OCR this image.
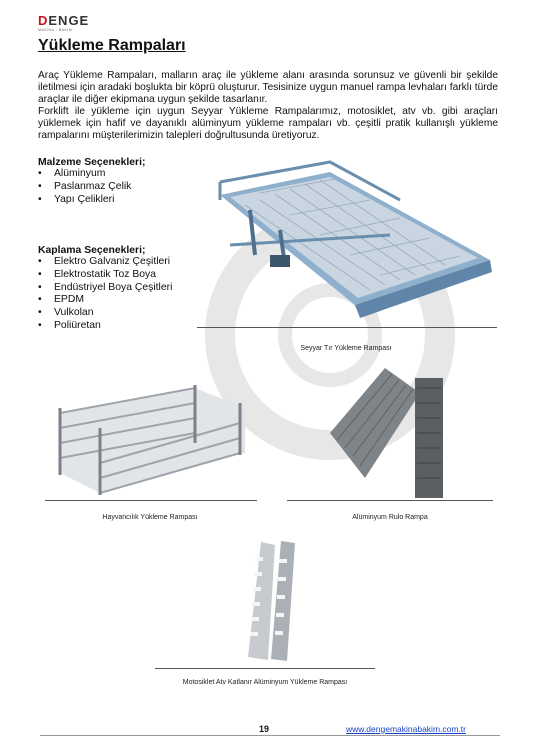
DENGE
MAKİNA - BAKIM
Yükleme Rampaları

Araç Yükleme Rampaları, malların araç ile yükleme alanı arasında sorunsuz ve güvenli bir şekilde iletilmesi için aradaki boşlukta bir köprü oluşturur. Tesisinize uygun manuel rampa levhaları farklı türde araçlar ile diğer ekipmana uygun şekilde tasarlanır.

Forklift ile yükleme için uygun Seyyar Yükleme Rampalarımız, motosiklet, atv vb. gibi araçları yüklemek için hafif ve dayanıklı alüminyum yükleme rampaları vb. çeşitli pratik kullanışlı yükleme rampalarını müşterilerimizin talepleri doğrultusunda üretiyoruz.

Malzeme Seçenekleri;
• Alüminyum
• Paslanmaz Çelik
• Yapı Çelikleri
Kaplama Seçenekleri;
• Elektro Galvaniz Çeşitleri
• Elektrostatik Toz Boya
• Endüstriyel Boya Çeşitleri
• EPDM
• Vulkolan
• Poliüretan
Seyyar Tır Yükleme Rampası
Hayvancılık Yükleme Rampası	Alüminyum Rulo Rampa
Motosiklet Atv Katlanır Alüminyum Yükleme Rampası
19	www.dengemakinabakim.com.tr
